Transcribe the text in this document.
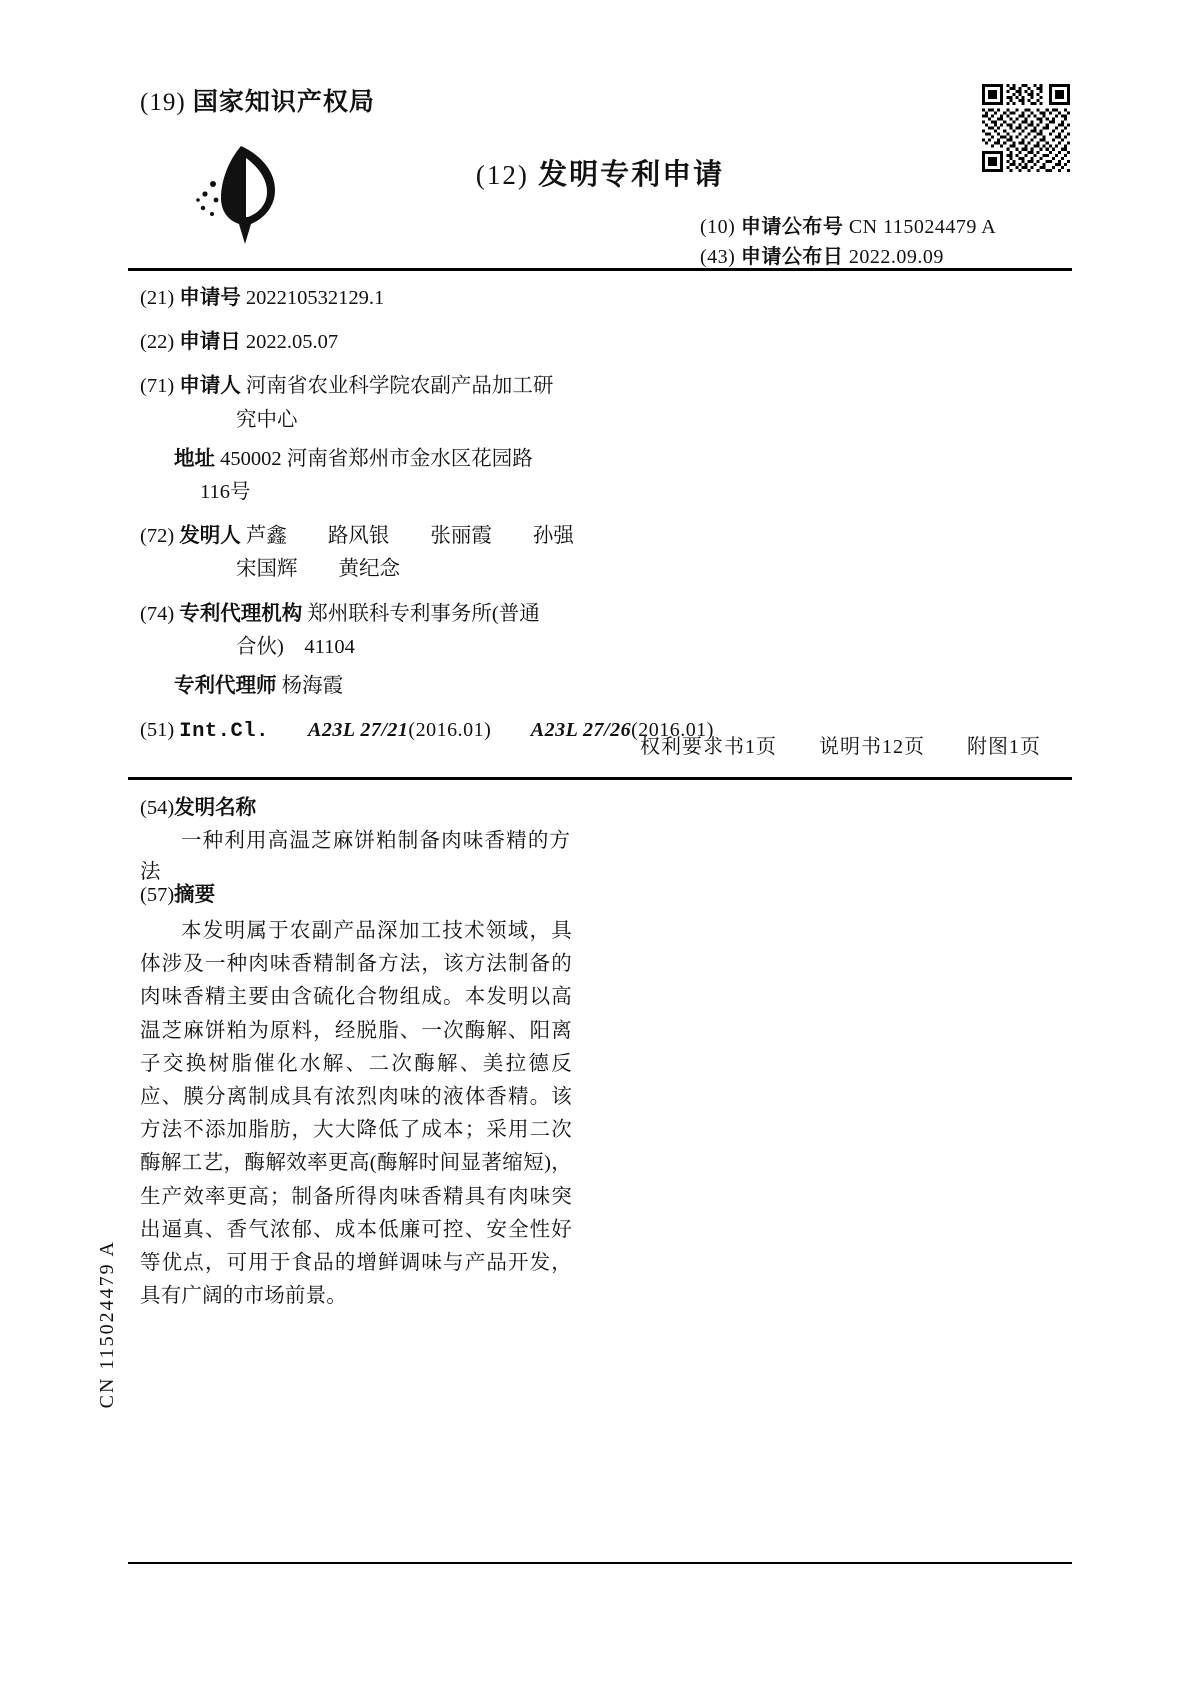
(19) 国家知识产权局
(12) 发明专利申请
(10) 申请公布号 CN 115024479 A
(43) 申请公布日 2022.09.09
(21) 申请号 202210532129.1
(22) 申请日 2022.05.07
(71) 申请人 河南省农业科学院农副产品加工研
究中心
地址 450002 河南省郑州市金水区花园路
116号
(72) 发明人 芦鑫　　路风银　　张丽霞　　孙强
宋国辉　　黄纪念
(74) 专利代理机构 郑州联科专利事务所(普通
合伙)　41104
专利代理师 杨海霞
(51) Int.Cl. A23L 27/21(2016.01) A23L 27/26(2016.01)
权利要求书1页　　说明书12页　　附图1页
(54)发明名称
一种利用高温芝麻饼粕制备肉味香精的方法
(57)摘要
本发明属于农副产品深加工技术领域，具体涉及一种肉味香精制备方法，该方法制备的肉味香精主要由含硫化合物组成。本发明以高温芝麻饼粕为原料，经脱脂、一次酶解、阳离子交换树脂催化水解、二次酶解、美拉德反应、膜分离制成具有浓烈肉味的液体香精。该方法不添加脂肪，大大降低了成本；采用二次酶解工艺，酶解效率更高(酶解时间显著缩短)，生产效率更高；制备所得肉味香精具有肉味突出逼真、香气浓郁、成本低廉可控、安全性好等优点，可用于食品的增鲜调味与产品开发，具有广阔的市场前景。
CN 115024479 A
